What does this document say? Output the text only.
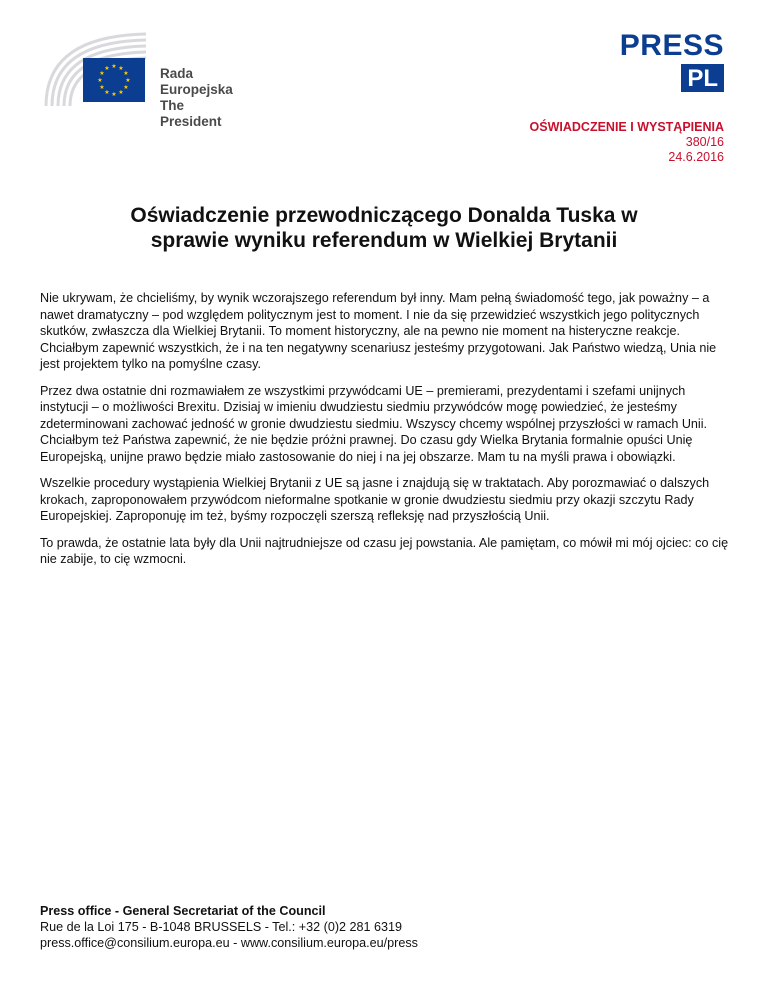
★ ★
★
★
★
★
★
★
★
★
★
★	Rada Europejska
The President
PRESS
PL
OŚWIADCZENIE I WYSTĄPIENIA
380/16
24.6.2016
Oświadczenie przewodniczącego Donalda Tuska w
sprawie wyniku referendum w Wielkiej Brytanii

Nie ukrywam, że chcieliśmy, by wynik wczorajszego referendum był inny. Mam pełną świadomość tego, jak poważny – a nawet dramatyczny – pod względem politycznym jest to moment. I nie da się przewidzieć wszystkich jego politycznych skutków, zwłaszcza dla Wielkiej Brytanii. To moment historyczny, ale na pewno nie moment na histeryczne reakcje. Chciałbym zapewnić wszystkich, że i na ten negatywny scenariusz jesteśmy przygotowani. Jak Państwo wiedzą, Unia nie jest projektem tylko na pomyślne czasy.

Przez dwa ostatnie dni rozmawiałem ze wszystkimi przywódcami UE – premierami, prezydentami i szefami unijnych instytucji – o możliwości Brexitu. Dzisiaj w imieniu dwudziestu siedmiu przywódców mogę powiedzieć, że jesteśmy zdeterminowani zachować jedność w gronie dwudziestu siedmiu. Wszyscy chcemy wspólnej przyszłości w ramach Unii. Chciałbym też Państwa zapewnić, że nie będzie próżni prawnej. Do czasu gdy Wielka Brytania formalnie opuści Unię Europejską, unijne prawo będzie miało zastosowanie do niej i na jej obszarze. Mam tu na myśli prawa i obowiązki.

Wszelkie procedury wystąpienia Wielkiej Brytanii z UE są jasne i znajdują się w traktatach. Aby porozmawiać o dalszych krokach, zaproponowałem przywódcom nieformalne spotkanie w gronie dwudziestu siedmiu przy okazji szczytu Rady Europejskiej. Zaproponuję im też, byśmy rozpoczęli szerszą refleksję nad przyszłością Unii.

To prawda, że ostatnie lata były dla Unii najtrudniejsze od czasu jej powstania. Ale pamiętam, co mówił mi mój ojciec: co cię nie zabije, to cię wzmocni.

Press office - General Secretariat of the Council
Rue de la Loi 175 - B-1048 BRUSSELS - Tel.: +32 (0)2 281 6319
press.office@consilium.europa.eu - www.consilium.europa.eu/press
